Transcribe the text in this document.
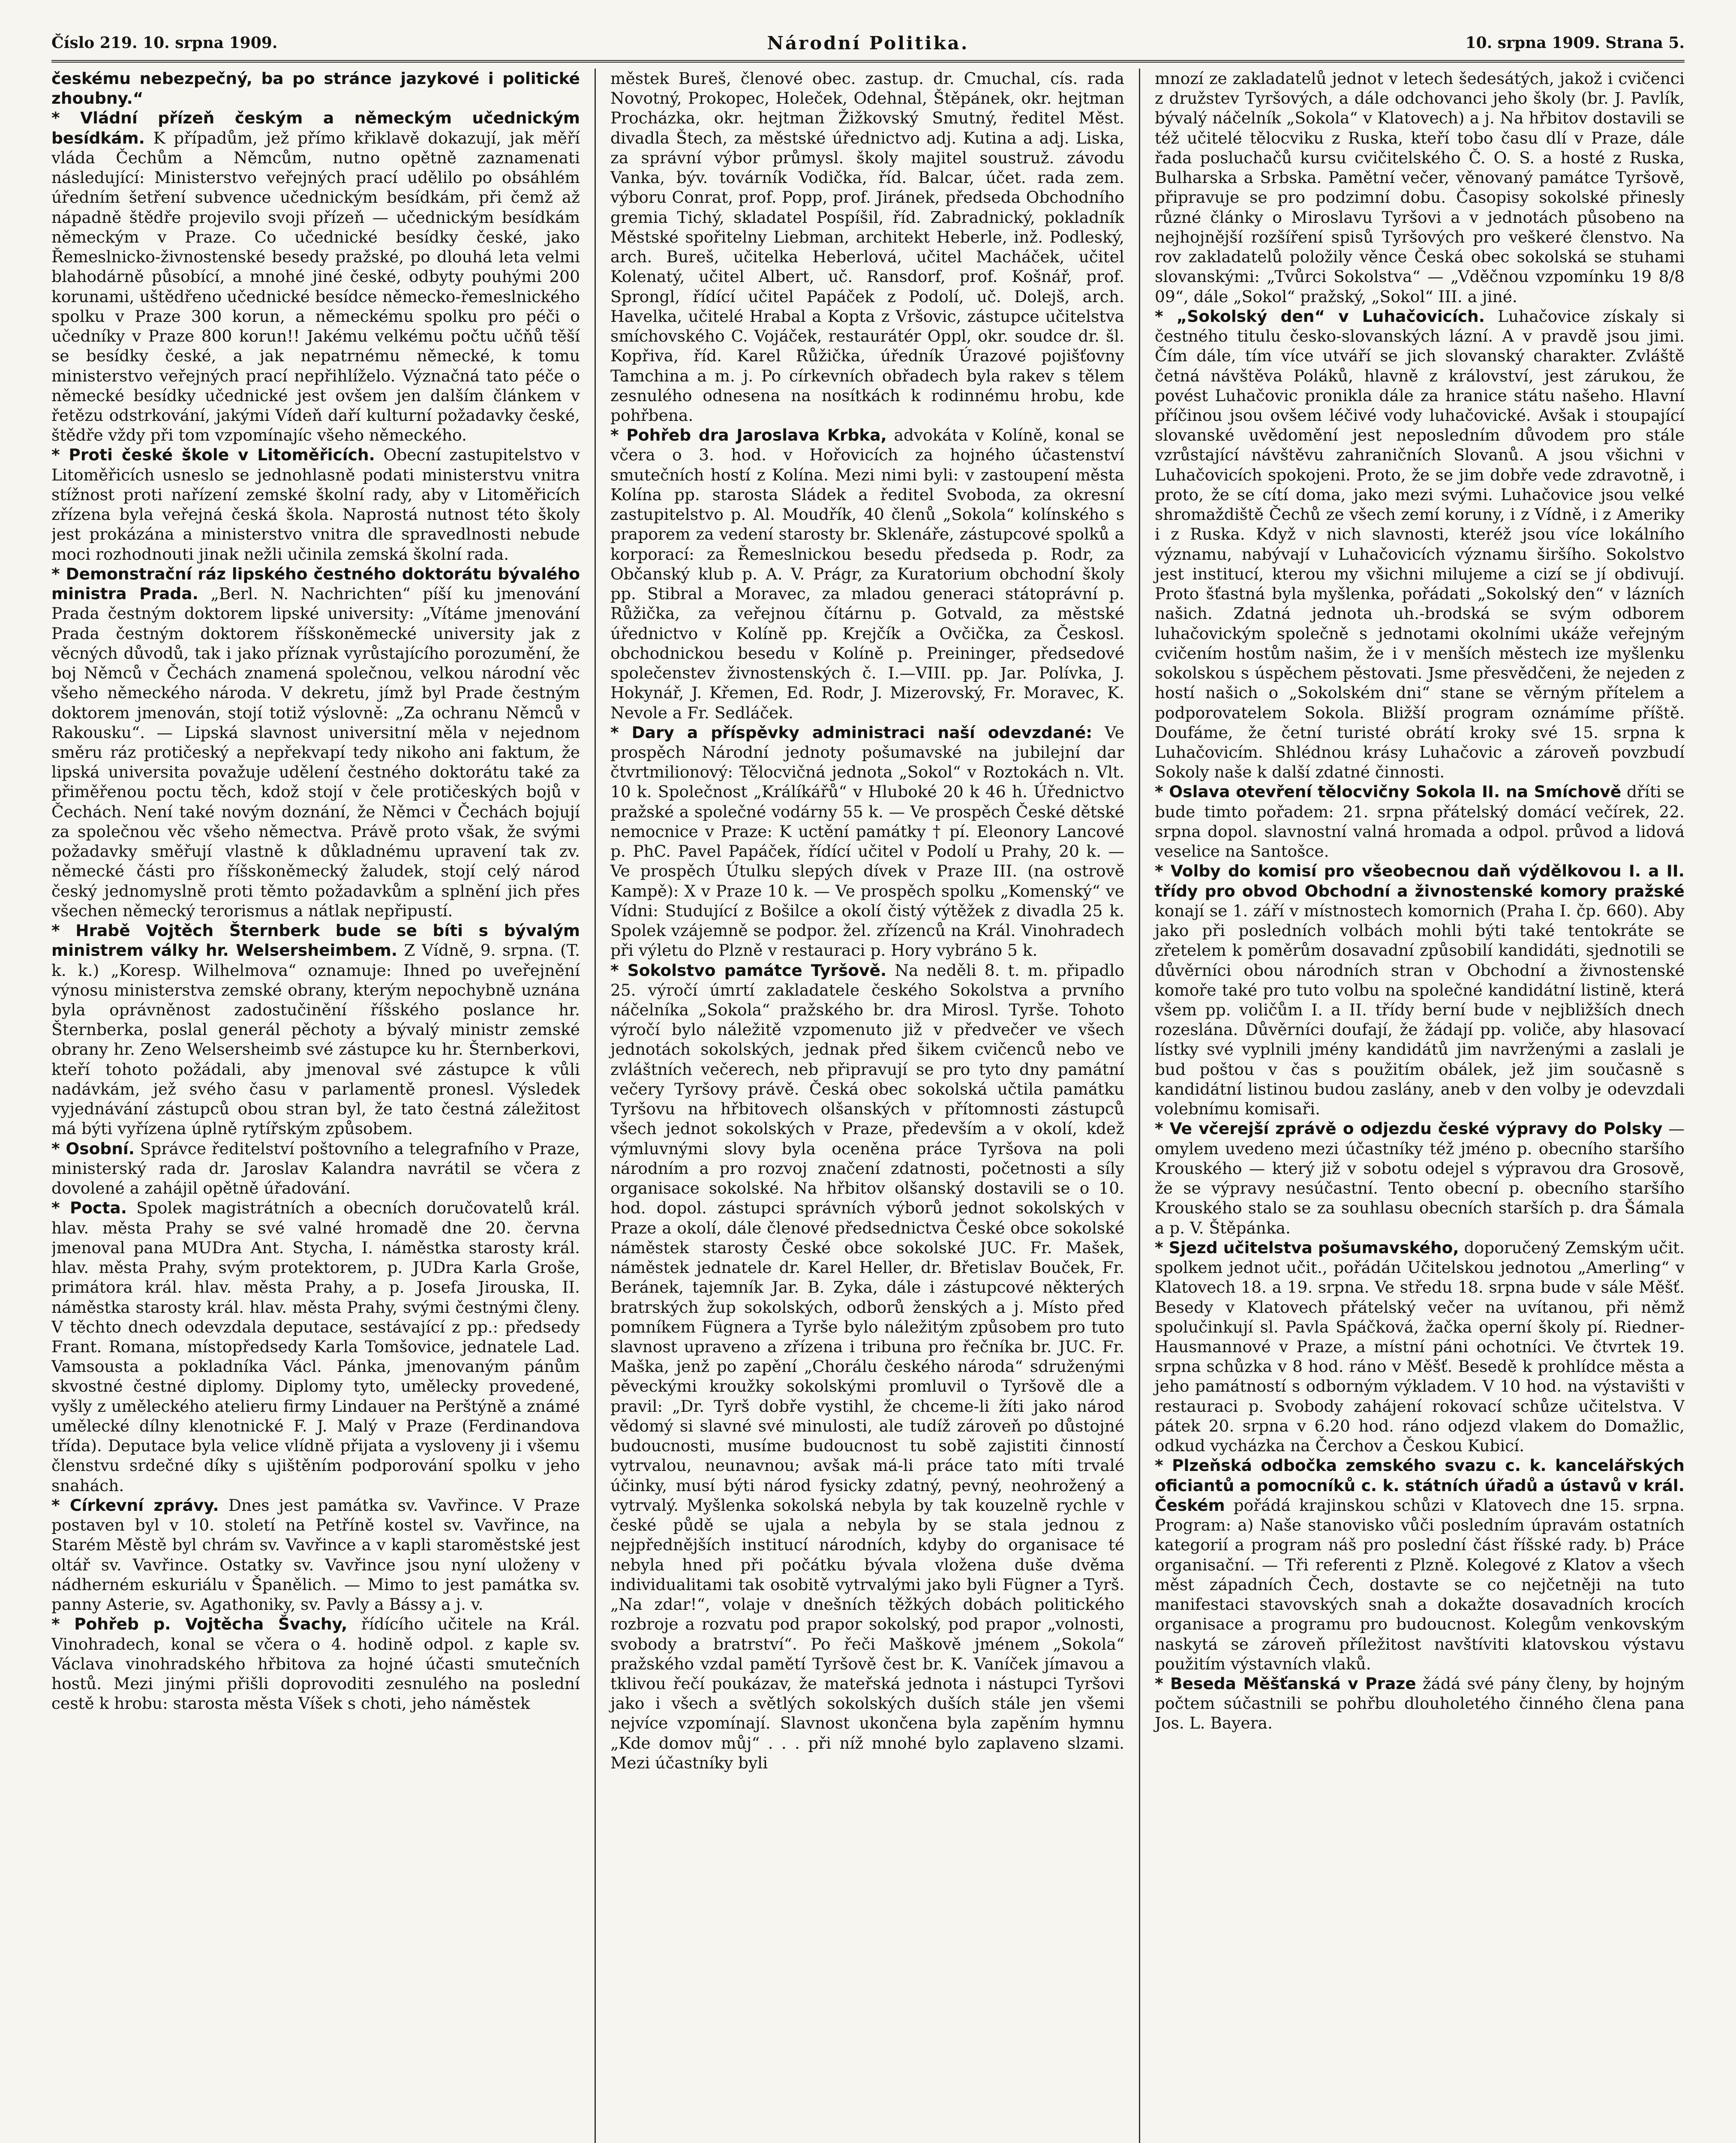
Číslo 219. 10. srpna 1909.	Národní Politika.	10. srpna 1909. Strana 5.

českému nebezpečný, ba po stránce jazykové i politické zhoubny.“

* Vládní přízeň českým a německým učednickým besídkám. K případům, jež přímo křiklavě dokazují, jak měří vláda Čechům a Němcům, nutno opětně zaznamenati následující: Ministerstvo veřejných prací udělilo po obsáhlém úředním šetření subvence učednickým besídkám, při čemž až nápadně štědře projevilo svoji přízeň — učednickým besídkám německým v Praze. Co učednické besídky české, jako Řemeslnicko-živnostenské besedy pražské, po dlouhá leta velmi blahodárně působící, a mnohé jiné české, odbyty pouhými 200 korunami, uštědřeno učednické besídce německo-řemeslnického spolku v Praze 300 korun, a německému spolku pro péči o učedníky v Praze 800 korun!! Jakému velkému počtu učňů těší se besídky české, a jak nepatrnému německé, k tomu ministerstvo veřejných prací nepřihlíželo. Význačná tato péče o německé besídky učednické jest ovšem jen dalším článkem v řetězu odstrkování, jakými Vídeň daří kulturní požadavky české, štědře vždy při tom vzpomínajíc všeho německého.

* Proti české škole v Litoměřicích. Obecní zastupitelstvo v Litoměřicích usneslo se jednohlasně podati ministerstvu vnitra stížnost proti nařízení zemské školní rady, aby v Litoměřicích zřízena byla veřejná česká škola. Naprostá nutnost této školy jest prokázána a ministerstvo vnitra dle spravedlnosti nebude moci rozhodnouti jinak nežli učinila zemská školní rada.

* Demonstrační ráz lipského čestného doktorátu bývalého ministra Prada. „Berl. N. Nachrichten“ píší ku jmenování Prada čestným doktorem lipské university: „Vítáme jmenování Prada čestným doktorem říšskoněmecké university jak z věcných důvodů, tak i jako příznak vyrůstajícího porozumění, že boj Němců v Čechách znamená společnou, velkou národní věc všeho německého národa. V dekretu, jímž byl Prade čestným doktorem jmenován, stojí totiž výslovně: „Za ochranu Němců v Rakousku“. — Lipská slavnost universitní měla v nejednom směru ráz protičeský a nepřekvapí tedy nikoho ani faktum, že lipská universita považuje udělení čestného doktorátu také za přiměřenou poctu těch, kdož stojí v čele protičeských bojů v Čechách. Není také novým doznání, že Němci v Čechách bojují za společnou věc všeho němectva. Právě proto však, že svými požadavky směřují vlastně k důkladnému upravení tak zv. německé části pro říšskoněmecký žaludek, stojí celý národ český jednomyslně proti těmto požadavkům a splnění jich přes všechen německý terorismus a nátlak nepřipustí.

* Hrabě Vojtěch Šternberk bude se bíti s bývalým ministrem války hr. Welsersheimbem. Z Vídně, 9. srpna. (T. k. k.) „Koresp. Wilhelmova“ oznamuje: Ihned po uveřejnění výnosu ministerstva zemské obrany, kterým nepochybně uznána byla oprávněnost zadostučinění říšského poslance hr. Šternberka, poslal generál pěchoty a bývalý ministr zemské obrany hr. Zeno Welsersheimb své zástupce ku hr. Šternberkovi, kteří tohoto požádali, aby jmenoval své zástupce k vůli nadávkám, jež svého času v parlamentě pronesl. Výsledek vyjednávání zástupců obou stran byl, že tato čestná záležitost má býti vyřízena úplně rytířským způsobem.

* Osobní. Správce ředitelství poštovního a telegrafního v Praze, ministerský rada dr. Jaroslav Kalandra navrátil se včera z dovolené a zahájil opětně úřadování.

* Pocta. Spolek magistrátních a obecních doručovatelů král. hlav. města Prahy se své valné hromadě dne 20. června jmenoval pana MUDra Ant. Stycha, I. náměstka starosty král. hlav. města Prahy, svým protektorem, p. JUDra Karla Groše, primátora král. hlav. města Prahy, a p. Josefa Jirouska, II. náměstka starosty král. hlav. města Prahy, svými čestnými členy. V těchto dnech odevzdala deputace, sestávající z pp.: předsedy Frant. Romana, místopředsedy Karla Tomšovice, jednatele Lad. Vamsousta a pokladníka Václ. Pánka, jmenovaným pánům skvostné čestné diplomy. Diplomy tyto, umělecky provedené, vyšly z uměleckého atelieru firmy Lindauer na Perštýně a známé umělecké dílny klenotnické F. J. Malý v Praze (Ferdinandova třída). Deputace byla velice vlídně přijata a vysloveny ji i všemu členstvu srdečné díky s ujištěním podporování spolku v jeho snahách.

* Církevní zprávy. Dnes jest památka sv. Vavřince. V Praze postaven byl v 10. století na Petříně kostel sv. Vavřince, na Starém Městě byl chrám sv. Vavřince a v kapli staroměstské jest oltář sv. Vavřince. Ostatky sv. Vavřince jsou nyní uloženy v nádherném eskuriálu v Španělich. — Mimo to jest památka sv. panny Asterie, sv. Agathoniky, sv. Pavly a Bássy a j. v.

* Pohřeb p. Vojtěcha Švachy, řídícího učitele na Král. Vinohradech, konal se včera o 4. hodině odpol. z kaple sv. Václava vinohradského hřbitova za hojné účasti smutečních hostů. Mezi jinými přišli doprovoditi zesnulého na poslední cestě k hrobu: starosta města Víšek s choti, jeho náměstek

městek Bureš, členové obec. zastup. dr. Cmuchal, cís. rada Novotný, Prokopec, Holeček, Odehnal, Štěpánek, okr. hejtman Procházka, okr. hejtman Žižkovský Smutný, ředitel Měst. divadla Štech, za městské úřednictvo adj. Kutina a adj. Liska, za správní výbor průmysl. školy majitel soustruž. závodu Vanka, býv. továrník Vodička, říd. Balcar, účet. rada zem. výboru Conrat, prof. Popp, prof. Jiránek, předseda Obchodního gremia Tichý, skladatel Pospíšil, říd. Zabradnický, pokladník Městské spořitelny Liebman, architekt Heberle, inž. Podleský, arch. Bureš, učitelka Heberlová, učitel Macháček, učitel Kolenatý, učitel Albert, uč. Ransdorf, prof. Košnář, prof. Sprongl, řídící učitel Papáček z Podolí, uč. Dolejš, arch. Havelka, učitelé Hrabal a Kopta z Vršovic, zástupce učitelstva smíchovského C. Vojáček, restaurátér Oppl, okr. soudce dr. šl. Kopřiva, říd. Karel Růžička, úředník Úrazové pojišťovny Tamchina a m. j. Po církevních obřadech byla rakev s tělem zesnulého odnesena na nosítkách k rodinnému hrobu, kde pohřbena.

* Pohřeb dra Jaroslava Krbka, advokáta v Kolíně, konal se včera o 3. hod. v Hořovicích za hojného účastenství smutečních hostí z Kolína. Mezi nimi byli: v zastoupení města Kolína pp. starosta Sládek a ředitel Svoboda, za okresní zastupitelstvo p. Al. Moudřík, 40 členů „Sokola“ kolínského s praporem za vedení starosty br. Sklenáře, zástupcové spolků a korporací: za Řemeslnickou besedu předseda p. Rodr, za Občanský klub p. A. V. Prágr, za Kuratorium obchodní školy pp. Stibral a Moravec, za mladou generaci státoprávní p. Růžička, za veřejnou čítárnu p. Gotvald, za městské úřednictvo v Kolíně pp. Krejčík a Ovčička, za Českosl. obchodnickou besedu v Kolíně p. Preininger, předsedové společenstev živnostenských č. I.—VIII. pp. Jar. Polívka, J. Hokynář, J. Křemen, Ed. Rodr, J. Mizerovský, Fr. Moravec, K. Nevole a Fr. Sedláček.

* Dary a příspěvky administraci naší odevzdané: Ve prospěch Národní jednoty pošumavské na jubilejní dar čtvrtmilionový: Tělocvičná jednota „Sokol“ v Roztokách n. Vlt. 10 k. Společnost „Králíkářů“ v Hluboké 20 k 46 h. Úřednictvo pražské a společné vodárny 55 k. — Ve prospěch České dětské nemocnice v Praze: K uctění památky † pí. Eleonory Lancové p. PhC. Pavel Papáček, řídící učitel v Podolí u Prahy, 20 k. — Ve prospěch Útulku slepých dívek v Praze III. (na ostrově Kampě): X v Praze 10 k. — Ve prospěch spolku „Komenský“ ve Vídni: Studující z Bošilce a okolí čistý výtěžek z divadla 25 k. Spolek vzájemně se podpor. žel. zřízenců na Král. Vinohradech při výletu do Plzně v restauraci p. Hory vybráno 5 k.

* Sokolstvo památce Tyršově. Na neděli 8. t. m. připadlo 25. výročí úmrtí zakladatele českého Sokolstva a prvního náčelníka „Sokola“ pražského br. dra Mirosl. Tyrše. Tohoto výročí bylo náležitě vzpomenuto již v předvečer ve všech jednotách sokolských, jednak před šikem cvičenců nebo ve zvláštních večerech, neb připravují se pro tyto dny památní večery Tyršovy právě. Česká obec sokolská učtila památku Tyršovu na hřbitovech olšanských v přítomnosti zástupců všech jednot sokolských v Praze, především a v okolí, kdež výmluvnými slovy byla oceněna práce Tyršova na poli národním a pro rozvoj značení zdatnosti, početnosti a síly organisace sokolské. Na hřbitov olšanský dostavili se o 10. hod. dopol. zástupci správních výborů jednot sokolských v Praze a okolí, dále členové předsednictva České obce sokolské náměstek starosty České obce sokolské JUC. Fr. Mašek, náměstek jednatele dr. Karel Heller, dr. Břetislav Bouček, Fr. Beránek, tajemník Jar. B. Zyka, dále i zástupcové některých bratrských žup sokolských, odborů ženských a j. Místo před pomníkem Fügnera a Tyrše bylo náležitým způsobem pro tuto slavnost upraveno a zřízena i tribuna pro řečníka br. JUC. Fr. Maška, jenž po zapění „Chorálu českého národa“ sdruženými pěveckými kroužky sokolskými promluvil o Tyršově dle a pravil: „Dr. Tyrš dobře vystihl, že chceme-li žíti jako národ vědomý si slavné své minulosti, ale tudíž zároveň po důstojné budoucnosti, musíme budoucnost tu sobě zajistiti činností vytrvalou, neunavnou; avšak má-li práce tato míti trvalé účinky, musí býti národ fysicky zdatný, pevný, neohrožený a vytrvalý. Myšlenka sokolská nebyla by tak kouzelně rychle v české půdě se ujala a nebyla by se stala jednou z nejpřednějších institucí národních, kdyby do organisace té nebyla hned při počátku bývala vložena duše dvěma individualitami tak osobitě vytrvalými jako byli Fügner a Tyrš. „Na zdar!“, volaje v dnešních těžkých dobách politického rozbroje a rozvatu pod prapor sokolský, pod prapor „volnosti, svobody a bratrství“. Po řeči Maškově jménem „Sokola“ pražského vzdal pamětí Tyršově čest br. K. Vaníček jímavou a tklivou řečí poukázav, že mateřská jednota i nástupci Tyršovi jako i všech a světlých sokolských duších stále jen všemi nejvíce vzpomínají. Slavnost ukončena byla zapěním hymnu „Kde domov můj“ . . . při níž mnohé bylo zaplaveno slzami. Mezi účastníky byli

mnozí ze zakladatelů jednot v letech šedesátých, jakož i cvičenci z družstev Tyršových, a dále odchovanci jeho školy (br. J. Pavlík, bývalý náčelník „Sokola“ v Klatovech) a j. Na hřbitov dostavili se též učitelé tělocviku z Ruska, kteří tobo času dlí v Praze, dále řada posluchačů kursu cvičitelského Č. O. S. a hosté z Ruska, Bulharska a Srbska. Pamětní večer, věnovaný památce Tyršově, připravuje se pro podzimní dobu. Časopisy sokolské přinesly různé články o Miroslavu Tyršovi a v jednotách působeno na nejhojnější rozšíření spisů Tyršových pro veškeré členstvo. Na rov zakladatelů položily věnce Česká obec sokolská se stuhami slovanskými: „Tvůrci Sokolstva“ — „Vděčnou vzpomínku 19 8/8 09“, dále „Sokol“ pražský, „Sokol“ III. a jiné.

* „Sokolský den“ v Luhačovicích. Luhačovice získaly si čestného titulu česko-slovanských lázní. A v pravdě jsou jimi. Čím dále, tím více utváří se jich slovanský charakter. Zvláště četná návštěva Poláků, hlavně z království, jest zárukou, že povést Luhačovic pronikla dále za hranice státu našeho. Hlavní příčinou jsou ovšem léčivé vody luhačovické. Avšak i stoupající slovanské uvědomění jest neposledním důvodem pro stále vzrůstající návštěvu zahraničních Slovanů. A jsou všichni v Luhačovicích spokojeni. Proto, že se jim dobře vede zdravotně, i proto, že se cítí doma, jako mezi svými. Luhačovice jsou velké shromaždiště Čechů ze všech zemí koruny, i z Vídně, i z Ameriky i z Ruska. Když v nich slavnosti, kteréž jsou více lokálního významu, nabývají v Luhačovicích významu širšího. Sokolstvo jest institucí, kterou my všichni milujeme a cizí se jí obdivují. Proto šťastná byla myšlenka, pořádati „Sokolský den“ v lázních našich. Zdatná jednota uh.-brodská se svým odborem luhačovickým společně s jednotami okolními ukáže veřejným cvičením hostům našim, že i v menších městech ize myšlenku sokolskou s úspěchem pěstovati. Jsme přesvědčeni, že nejeden z hostí našich o „Sokolském dni“ stane se věrným přítelem a podporovatelem Sokola. Bližší program oznámíme příště. Doufáme, že četní turisté obrátí kroky své 15. srpna k Luhačovicím. Shlédnou krásy Luhačovic a zároveň povzbudí Sokoly naše k další zdatné činnosti.

* Oslava otevření tělocvičny Sokola II. na Smíchově dříti se bude timto pořadem: 21. srpna přátelský domácí večírek, 22. srpna dopol. slavnostní valná hromada a odpol. průvod a lidová veselice na Santošce.

* Volby do komisí pro všeobecnou daň výdělkovou I. a II. třídy pro obvod Obchodní a živnostenské komory pražské konají se 1. září v místnostech komornich (Praha I. čp. 660). Aby jako při posledních volbách mohli býti také tentokráte se zřetelem k poměrům dosavadní způsobilí kandidáti, sjednotili se důvěrníci obou národních stran v Obchodní a živnostenské komoře také pro tuto volbu na společné kandidátní listině, která všem pp. voličům I. a II. třídy berní bude v nejbližších dnech rozeslána. Důvěrníci doufají, že žádají pp. voliče, aby hlasovací lístky své vyplnili jmény kandidátů jim navrženými a zaslali je bud poštou v čas s použitím obálek, jež jim současně s kandidátní listinou budou zaslány, aneb v den volby je odevzdali volebnímu komisaři.

* Ve včerejší zprávě o odjezdu české výpravy do Polsky — omylem uvedeno mezi účastníky též jméno p. obecního staršího Krouského — který již v sobotu odejel s výpravou dra Grosově, že se výpravy nesúčastní. Tento obecní p. obecního staršího Krouského stalo se za souhlasu obecních starších p. dra Šámala a p. V. Štěpánka.

* Sjezd učitelstva pošumavského, doporučený Zemským učit. spolkem jednot učit., pořádán Učitelskou jednotou „Amerling“ v Klatovech 18. a 19. srpna. Ve středu 18. srpna bude v sále Měšť. Besedy v Klatovech přátelský večer na uvítanou, při němž spolučinkují sl. Pavla Spáčková, žačka operní školy pí. Riedner-Hausmannové v Praze, a místní páni ochotníci. Ve čtvrtek 19. srpna schůzka v 8 hod. ráno v Měšť. Besedě k prohlídce města a jeho památností s odborným výkladem. V 10 hod. na výstavišti v restauraci p. Svobody zahájení rokovací schůze učitelstva. V pátek 20. srpna v 6.20 hod. ráno odjezd vlakem do Domažlic, odkud vycházka na Čerchov a Českou Kubicí.

* Plzeňská odbočka zemského svazu c. k. kancelářských oficiantů a pomocníků c. k. státních úřadů a ústavů v král. Českém pořádá krajinskou schůzi v Klatovech dne 15. srpna. Program: a) Naše stanovisko vůči posledním úpravám ostatních kategorií a program náš pro poslední část říšské rady. b) Práce organisační. — Tři referenti z Plzně. Kolegové z Klatov a všech měst západních Čech, dostavte se co nejčetněji na tuto manifestaci stavovských snah a dokažte dosavadních krocích organisace a programu pro budoucnost. Kolegům venkovským naskytá se zároveň příležitost navštíviti klatovskou výstavu použitím výstavních vlaků.

* Beseda Měšťanská v Praze žádá své pány členy, by hojným počtem súčastnili se pohřbu dlouholetého činného člena pana Jos. L. Bayera.
